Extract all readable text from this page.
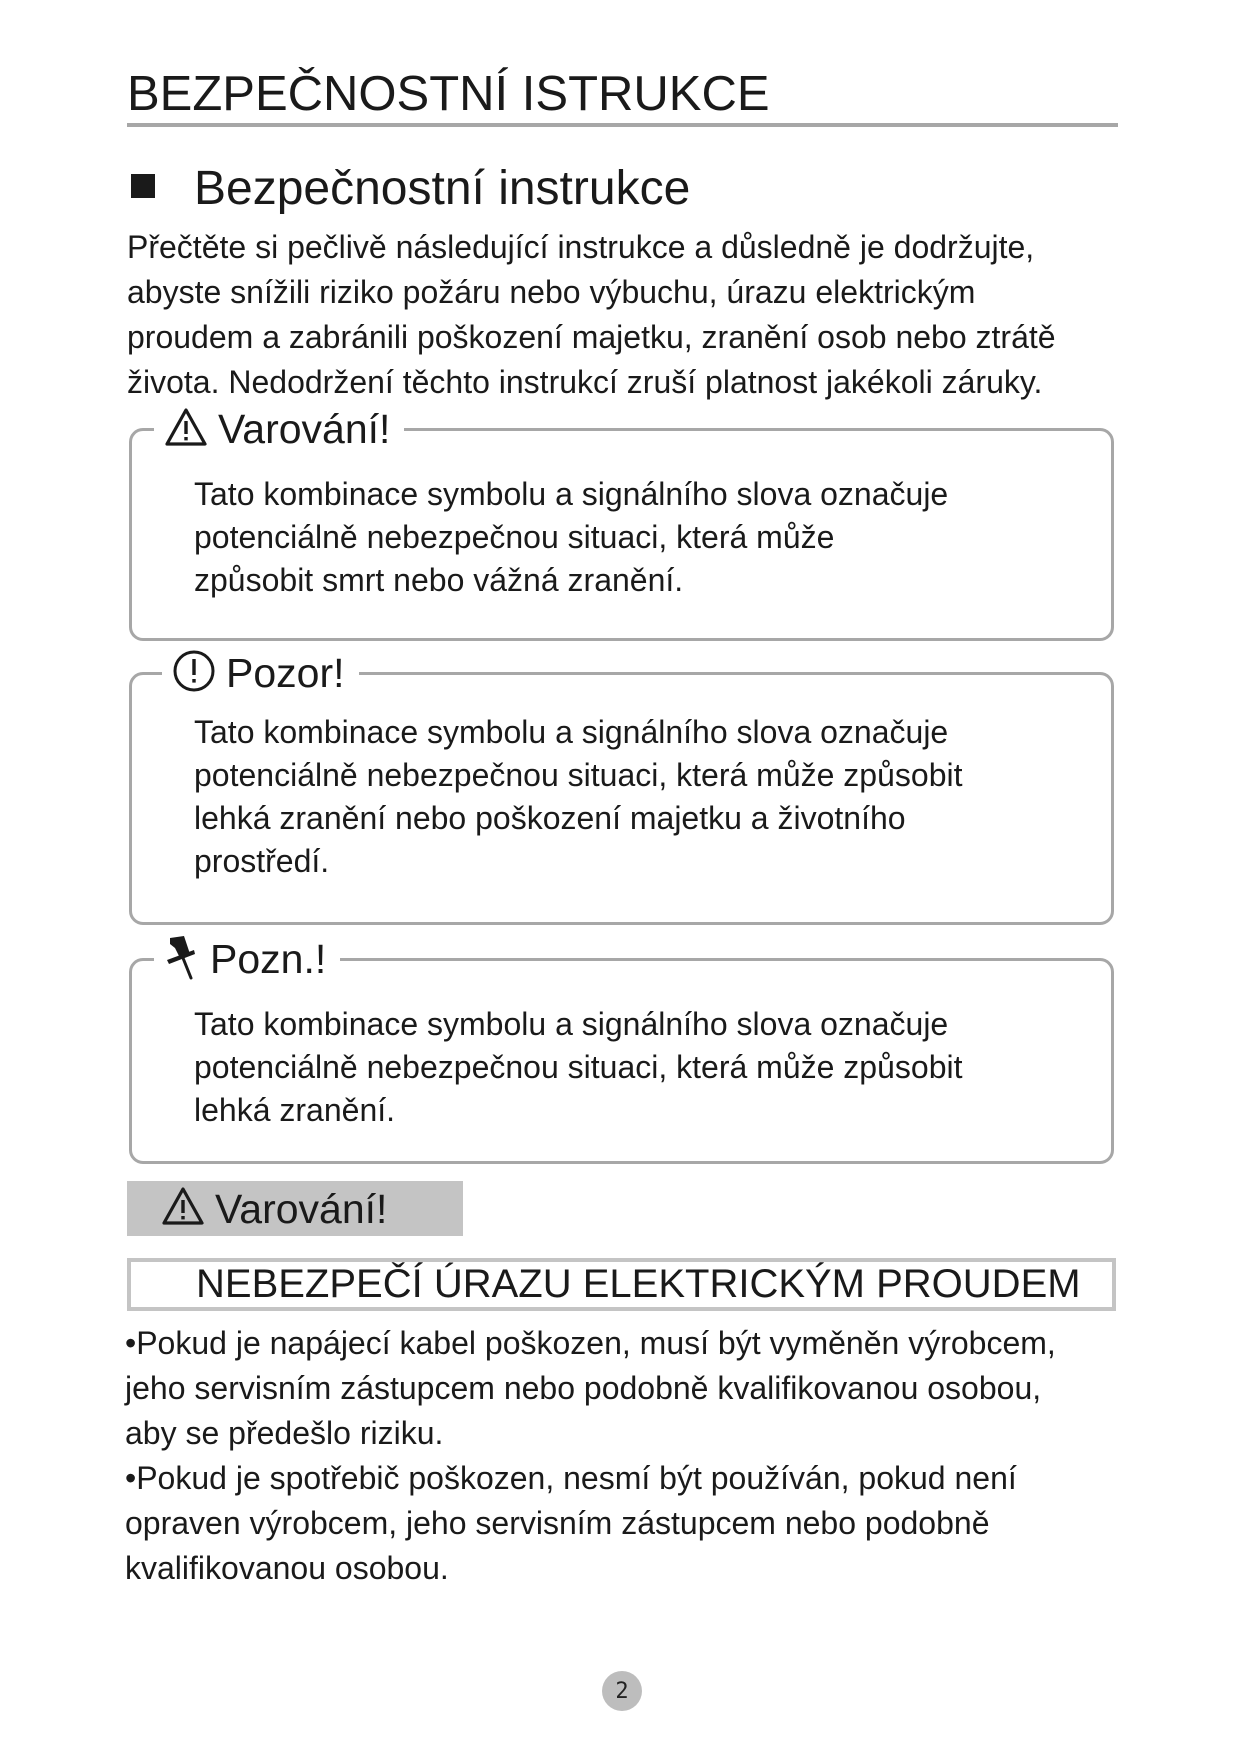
BEZPEČNOSTNÍ ISTRUKCE
Bezpečnostní instrukce
Přečtěte si pečlivě následující instrukce a důsledně je dodržujte,
abyste snížili riziko požáru nebo výbuchu, úrazu elektrickým
proudem a zabránili poškození majetku, zranění osob nebo ztrátě
života. Nedodržení těchto instrukcí zruší platnost jakékoli záruky.
Varování!
Tato kombinace symbolu a signálního slova označuje
potenciálně nebezpečnou situaci, která může
způsobit smrt nebo vážná zranění.
Pozor!
Tato kombinace symbolu a signálního slova označuje
potenciálně nebezpečnou situaci, která může způsobit
lehká zranění nebo poškození majetku a životního
prostředí.
Pozn.!
Tato kombinace symbolu a signálního slova označuje
potenciálně nebezpečnou situaci, která může způsobit
lehká zranění.
Varování!
NEBEZPEČÍ ÚRAZU ELEKTRICKÝM PROUDEM
•Pokud je napájecí kabel poškozen, musí být vyměněn výrobcem,
jeho servisním zástupcem nebo podobně kvalifikovanou osobou,
aby se předešlo riziku.
•Pokud je spotřebič poškozen, nesmí být používán, pokud není
opraven výrobcem, jeho servisním zástupcem nebo podobně
kvalifikovanou osobou.
2
